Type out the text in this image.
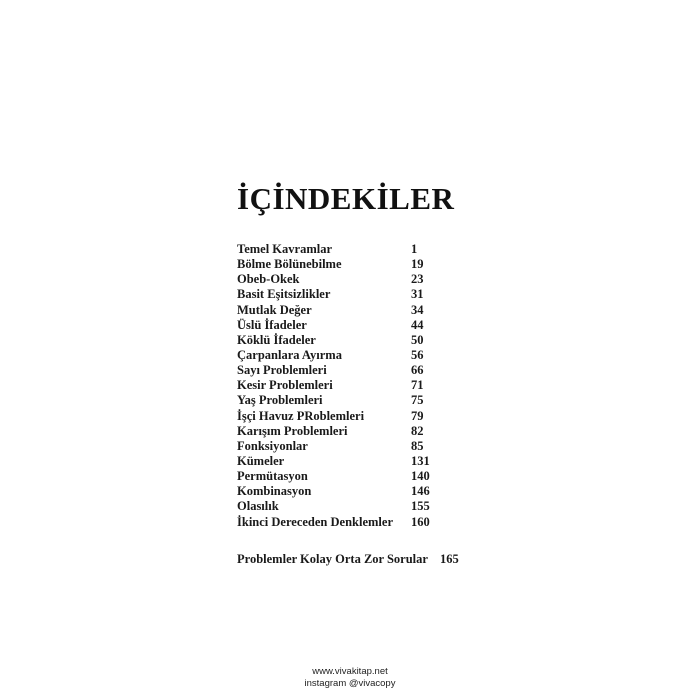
İÇİNDEKİLER
Temel Kavramlar	1
Bölme Bölünebilme	19
Obeb-Okek	23
Basit Eşitsizlikler	31
Mutlak Değer	34
Üslü İfadeler	44
Köklü İfadeler	50
Çarpanlara Ayırma	56
Sayı Problemleri	66
Kesir Problemleri	71
Yaş Problemleri	75
İşçi Havuz PRoblemleri	79
Karışım Problemleri	82
Fonksiyonlar	85
Kümeler	131
Permütasyon	140
Kombinasyon	146
Olasılık	155
İkinci Dereceden Denklemler 160
Problemler Kolay Orta Zor Sorular 165
www.vivakitap.net
instagram @vivacopy
